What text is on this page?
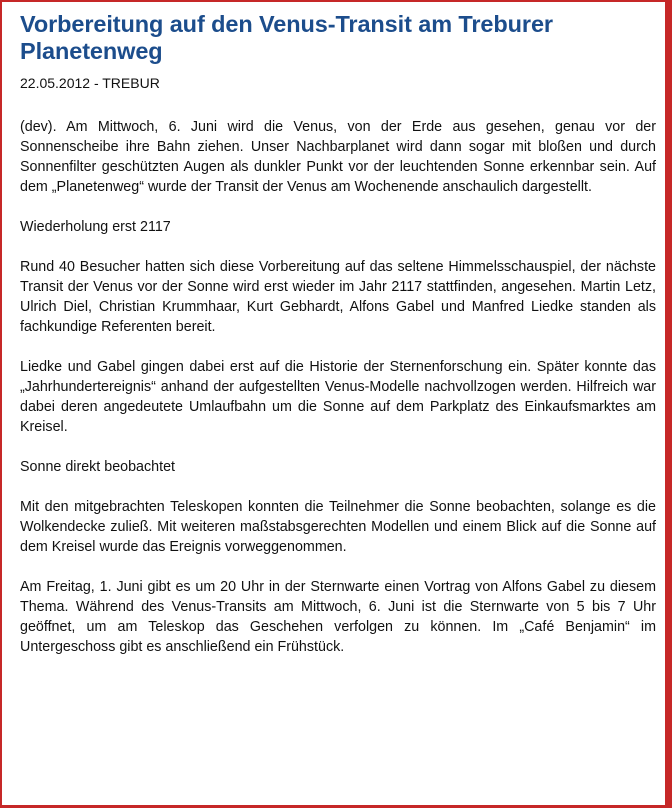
Vorbereitung auf den Venus-Transit am Treburer Planetenweg
22.05.2012 - TREBUR

(dev). Am Mittwoch, 6. Juni wird die Venus, von der Erde aus gesehen, genau vor der Sonnenscheibe ihre Bahn ziehen. Unser Nachbarplanet wird dann sogar mit bloßen und durch Sonnenfilter geschützten Augen als dunkler Punkt vor der leuchtenden Sonne erkennbar sein. Auf dem „Planetenweg“ wurde der Transit der Venus am Wochenende anschaulich dargestellt.

Wiederholung erst 2117

Rund 40 Besucher hatten sich diese Vorbereitung auf das seltene Himmelsschauspiel, der nächste Transit der Venus vor der Sonne wird erst wieder im Jahr 2117 stattfinden, angesehen. Martin Letz, Ulrich Diel, Christian Krummhaar, Kurt Gebhardt, Alfons Gabel und Manfred Liedke standen als fachkundige Referenten bereit.

Liedke und Gabel gingen dabei erst auf die Historie der Sternenforschung ein. Später konnte das „Jahrhundertereignis“ anhand der aufgestellten Venus-Modelle nachvollzogen werden. Hilfreich war dabei deren angedeutete Umlaufbahn um die Sonne auf dem Parkplatz des Einkaufsmarktes am Kreisel.

Sonne direkt beobachtet

Mit den mitgebrachten Teleskopen konnten die Teilnehmer die Sonne beobachten, solange es die Wolkendecke zuließ. Mit weiteren maßstabsgerechten Modellen und einem Blick auf die Sonne auf dem Kreisel wurde das Ereignis vorweggenommen.

Am Freitag, 1. Juni gibt es um 20 Uhr in der Sternwarte einen Vortrag von Alfons Gabel zu diesem Thema. Während des Venus-Transits am Mittwoch, 6. Juni ist die Sternwarte von 5 bis 7 Uhr geöffnet, um am Teleskop das Geschehen verfolgen zu können. Im „Café Benjamin“ im Untergeschoss gibt es anschließend ein Frühstück.
